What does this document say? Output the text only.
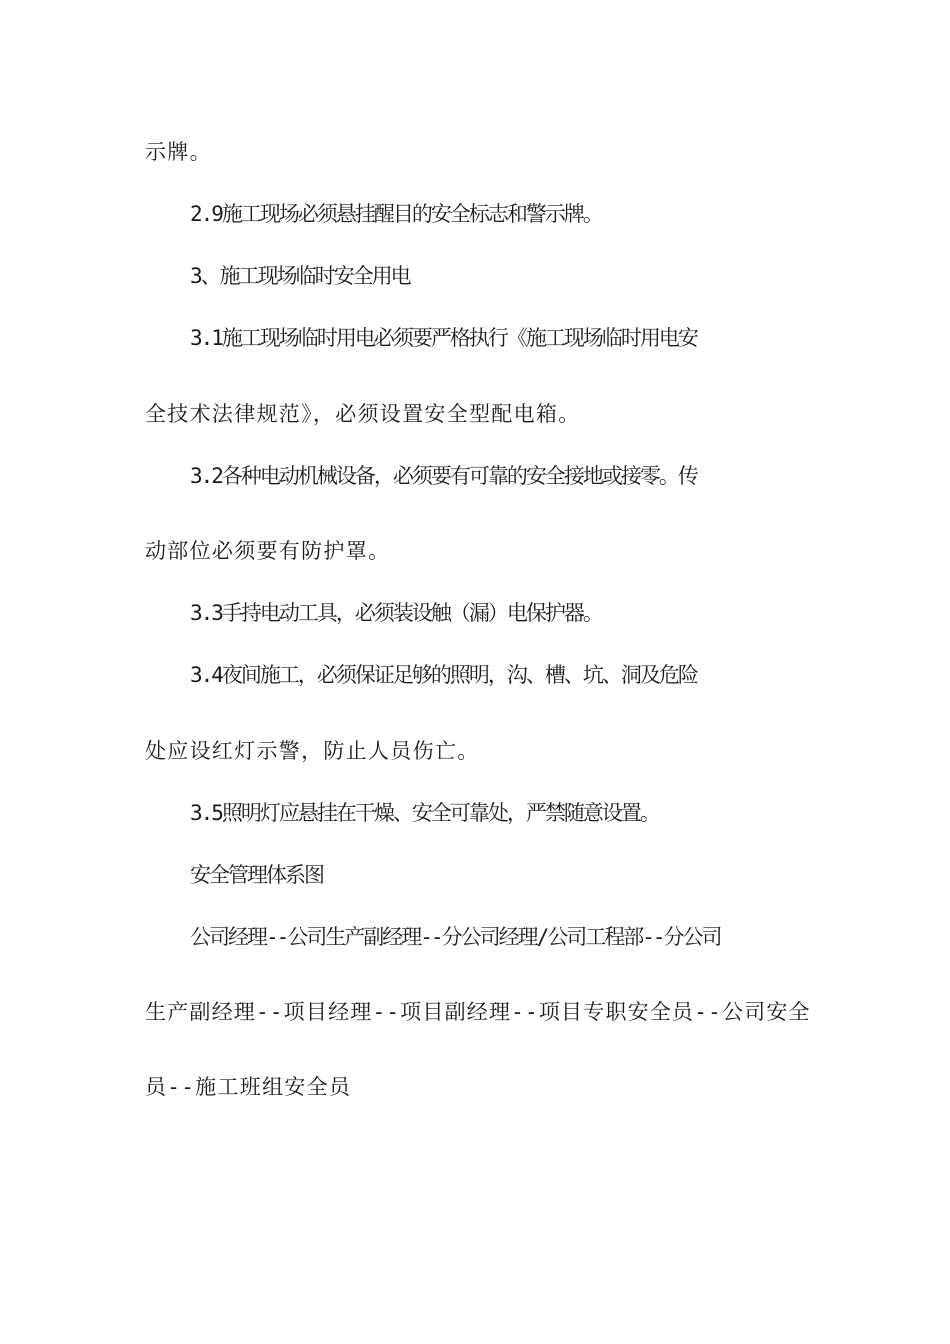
示牌。

2.9施工现场必须悬挂醒目的安全标志和警示牌。

3、施工现场临时安全用电

3.1施工现场临时用电必须要严格执行《施工现场临时用电安

全技术法律规范》，必须设置安全型配电箱。

3.2各种电动机械设备，必须要有可靠的安全接地或接零。传

动部位必须要有防护罩。

3.3手持电动工具，必须装设触（漏）电保护器。

3.4夜间施工，必须保证足够的照明，沟、槽、坑、洞及危险

处应设红灯示警，防止人员伤亡。

3.5照明灯应悬挂在干燥、安全可靠处，严禁随意设置。

安全管理体系图

公司经理--公司生产副经理--分公司经理/公司工程部--分公司

生产副经理--项目经理--项目副经理--项目专职安全员--公司安全

员--施工班组安全员
